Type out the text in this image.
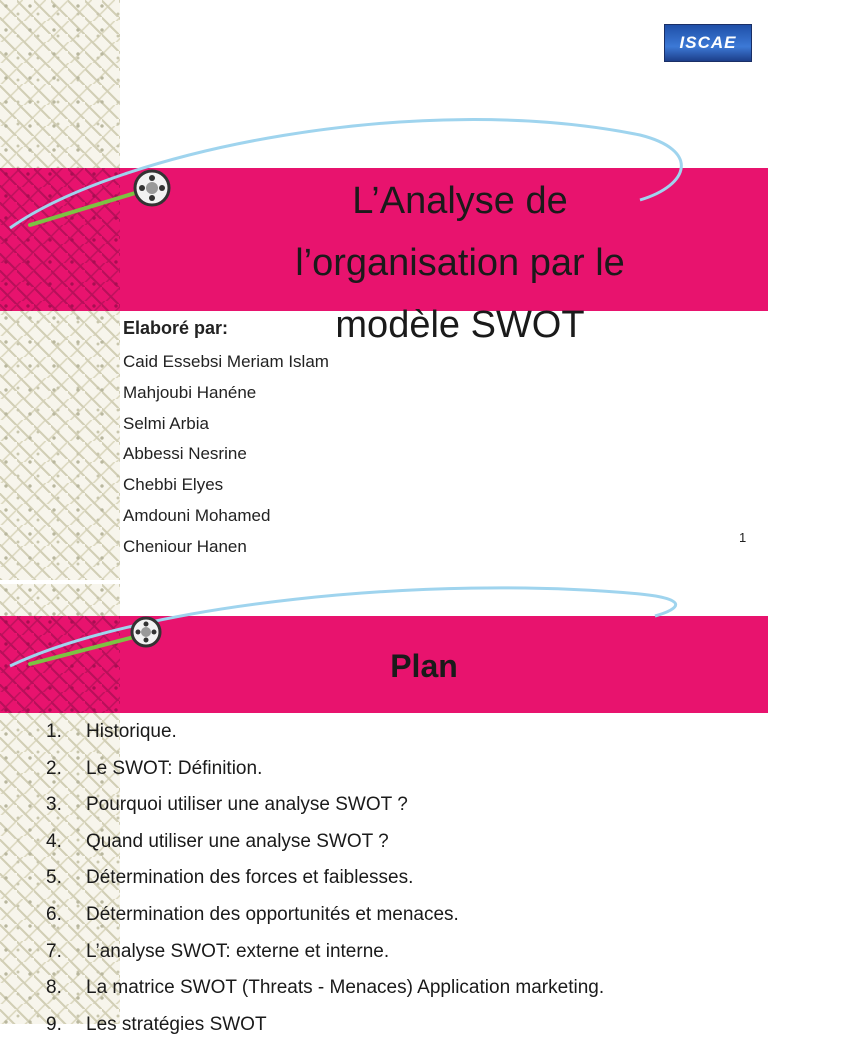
ISCAE
L’Analyse de
l’organisation par le
modèle SWOT

Elaboré par:

Caid Essebsi Meriam Islam
Mahjoubi Hanéne
Selmi Arbia
Abbessi Nesrine
Chebbi Elyes
Amdouni Mohamed
Cheniour Hanen	1
Plan
1.	Historique.
2.	Le SWOT: Définition.
3.	Pourquoi utiliser une analyse SWOT ?
4.	Quand utiliser une analyse SWOT ?
5.	Détermination des forces et faiblesses.
6.	Détermination des opportunités et menaces.
7.	L’analyse SWOT: externe et interne.
8.	La matrice SWOT (Threats - Menaces) Application marketing.
9.	Les stratégies SWOT
